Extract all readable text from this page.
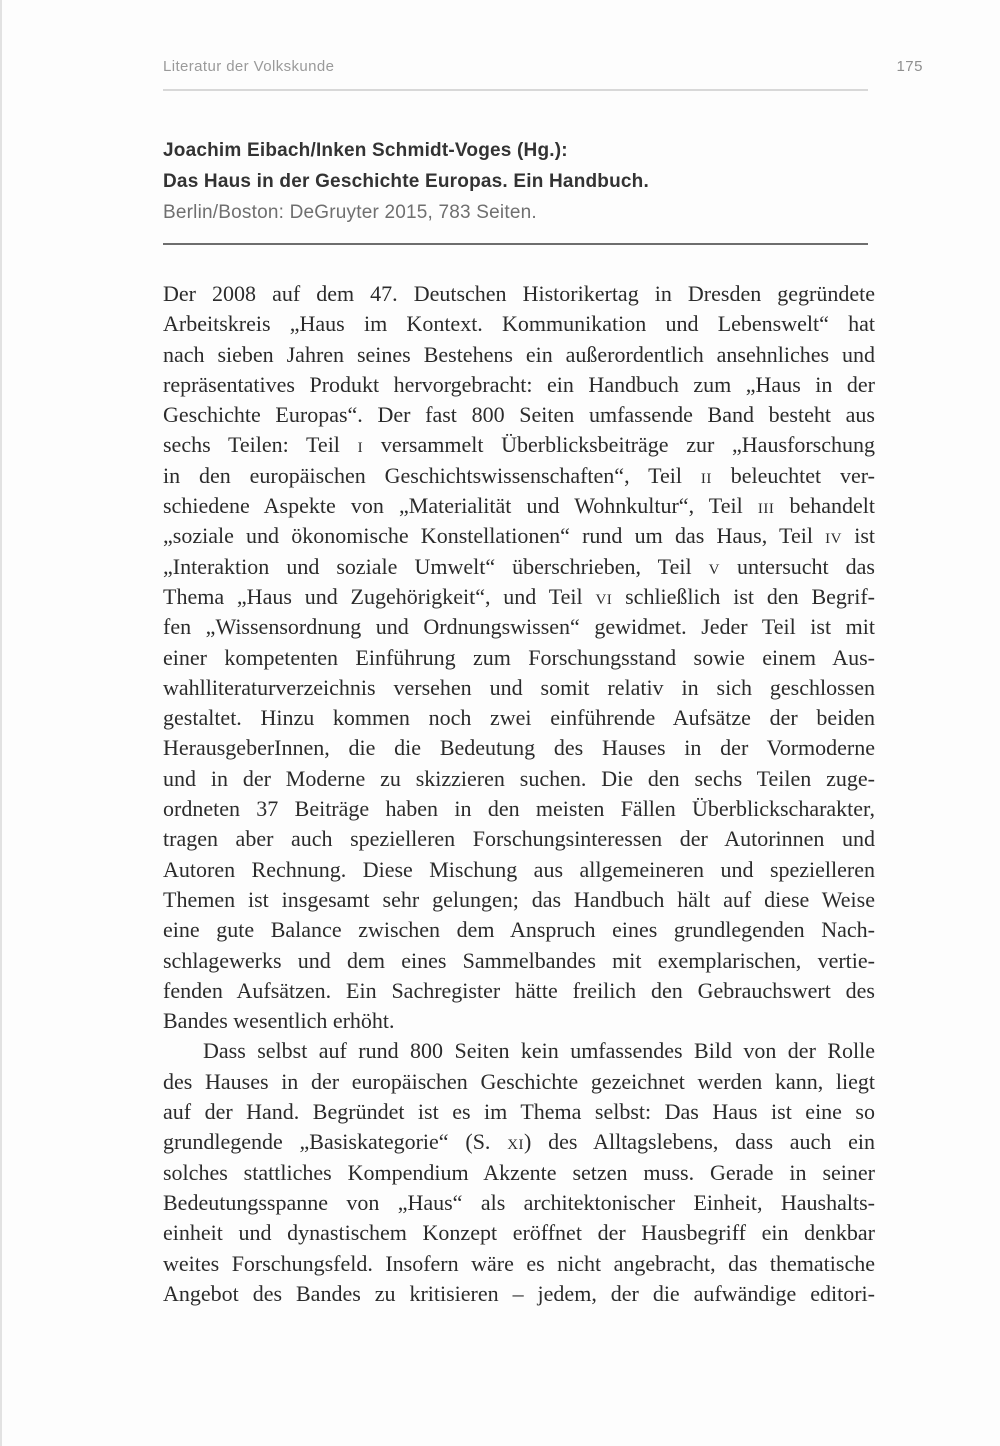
Literatur der Volkskunde	175
Joachim Eibach/Inken Schmidt-Voges (Hg.):
Das Haus in der Geschichte Europas. Ein Handbuch.
Berlin/Boston: DeGruyter 2015, 783 Seiten.
Der 2008 auf dem 47. Deutschen Historikertag in Dresden gegründete
Arbeitskreis „Haus im Kontext. Kommunikation und Lebenswelt“ hat
nach sieben Jahren seines Bestehens ein außerordentlich ansehnliches und
repräsentatives Produkt hervorgebracht: ein Handbuch zum „Haus in der
Geschichte Europas“. Der fast 800 Seiten umfassende Band besteht aus
sechs Teilen: Teil i versammelt Überblicksbeiträge zur „Hausforschung
in den europäischen Geschichtswissenschaften“, Teil ii beleuchtet ver-
schiedene Aspekte von „Materialität und Wohnkultur“, Teil iii behandelt
„soziale und ökonomische Konstellationen“ rund um das Haus, Teil iv ist
„Interaktion und soziale Umwelt“ überschrieben, Teil v untersucht das
Thema „Haus und Zugehörigkeit“, und Teil vi schließlich ist den Begrif-
fen „Wissensordnung und Ordnungswissen“ gewidmet. Jeder Teil ist mit
einer kompetenten Einführung zum Forschungsstand sowie einem Aus-
wahlliteraturverzeichnis versehen und somit relativ in sich geschlossen
gestaltet. Hinzu kommen noch zwei einführende Aufsätze der beiden
HerausgeberInnen, die die Bedeutung des Hauses in der Vormoderne
und in der Moderne zu skizzieren suchen. Die den sechs Teilen zuge-
ordneten 37 Beiträge haben in den meisten Fällen Überblickscharakter,
tragen aber auch spezielleren Forschungsinteressen der Autorinnen und
Autoren Rechnung. Diese Mischung aus allgemeineren und spezielleren
Themen ist insgesamt sehr gelungen; das Handbuch hält auf diese Weise
eine gute Balance zwischen dem Anspruch eines grundlegenden Nach-
schlagewerks und dem eines Sammelbandes mit exemplarischen, vertie-
fenden Aufsätzen. Ein Sachregister hätte freilich den Gebrauchswert des
Bandes wesentlich erhöht.
Dass selbst auf rund 800 Seiten kein umfassendes Bild von der Rolle
des Hauses in der europäischen Geschichte gezeichnet werden kann, liegt
auf der Hand. Begründet ist es im Thema selbst: Das Haus ist eine so
grundlegende „Basiskategorie“ (S. xi) des Alltagslebens, dass auch ein
solches stattliches Kompendium Akzente setzen muss. Gerade in seiner
Bedeutungsspanne von „Haus“ als architektonischer Einheit, Haushalts-
einheit und dynastischem Konzept eröffnet der Hausbegriff ein denkbar
weites Forschungsfeld. Insofern wäre es nicht angebracht, das thematische
Angebot des Bandes zu kritisieren – jedem, der die aufwändige editori-
